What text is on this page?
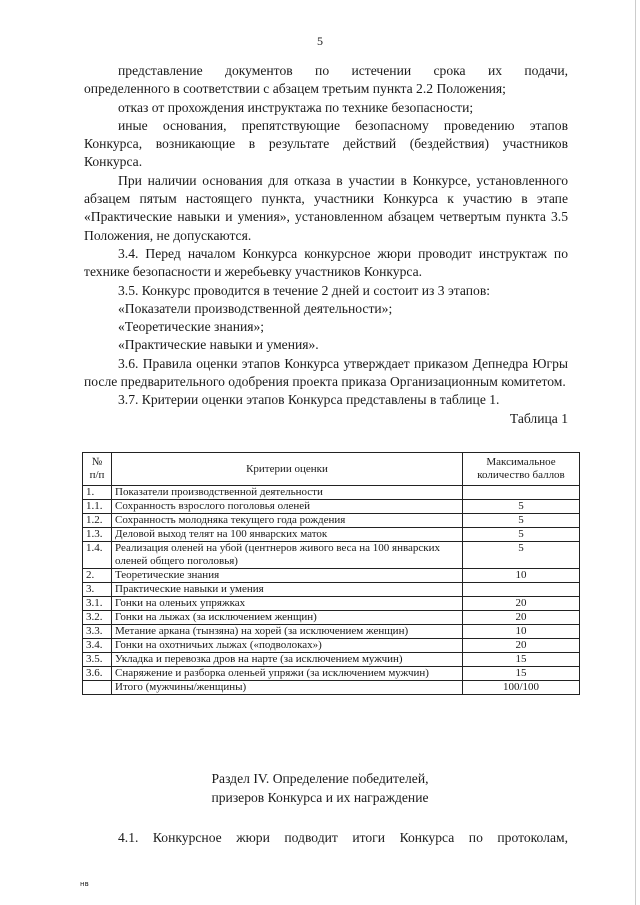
5

представление документов по истечении срока их подачи,

определенного в соответствии с абзацем третьим пункта 2.2 Положения;

отказ от прохождения инструктажа по технике безопасности;

иные основания, препятствующие безопасному проведению этапов Конкурса, возникающие в результате действий (бездействия) участников Конкурса.

При наличии основания для отказа в участии в Конкурсе, установленного абзацем пятым настоящего пункта, участники Конкурса к участию в этапе «Практические навыки и умения», установленном абзацем четвертым пункта 3.5 Положения, не допускаются.

3.4. Перед началом Конкурса конкурсное жюри проводит инструктаж по технике безопасности и жеребьевку участников Конкурса.

3.5. Конкурс проводится в течение 2 дней и состоит из 3 этапов:

«Показатели производственной деятельности»;

«Теоретические знания»;

«Практические навыки и умения».

3.6. Правила оценки этапов Конкурса утверждает приказом Депнедра Югры после предварительного одобрения проекта приказа Организационным комитетом.

3.7. Критерии оценки этапов Конкурса представлены в таблице 1.

Таблица 1

№ п/п	Критерии оценки	Максимальное количество баллов
1.	Показатели производственной деятельности	
1.1.	Сохранность взрослого поголовья оленей	5
1.2.	Сохранность молодняка текущего года рождения	5
1.3.	Деловой выход телят на 100 январских маток	5
1.4.	Реализация оленей на убой (центнеров живого веса на 100 январских оленей общего поголовья)	5
2.	Теоретические знания	10
3.	Практические навыки и умения	
3.1.	Гонки на оленьих упряжках	20
3.2.	Гонки на лыжах (за исключением женщин)	20
3.3.	Метание аркана (тынзяна) на хорей (за исключением женщин)	10
3.4.	Гонки на охотничьих лыжах («подволоках»)	20
3.5.	Укладка и перевозка дров на нарте (за исключением мужчин)	15
3.6.	Снаряжение и разборка оленьей упряжи (за исключением мужчин)	15
	Итого (мужчины/женщины)	100/100
Раздел IV. Определение победителей,
призеров Конкурса и их награждение

4.1. Конкурсное жюри подводит итоги Конкурса по протоколам,

нв
